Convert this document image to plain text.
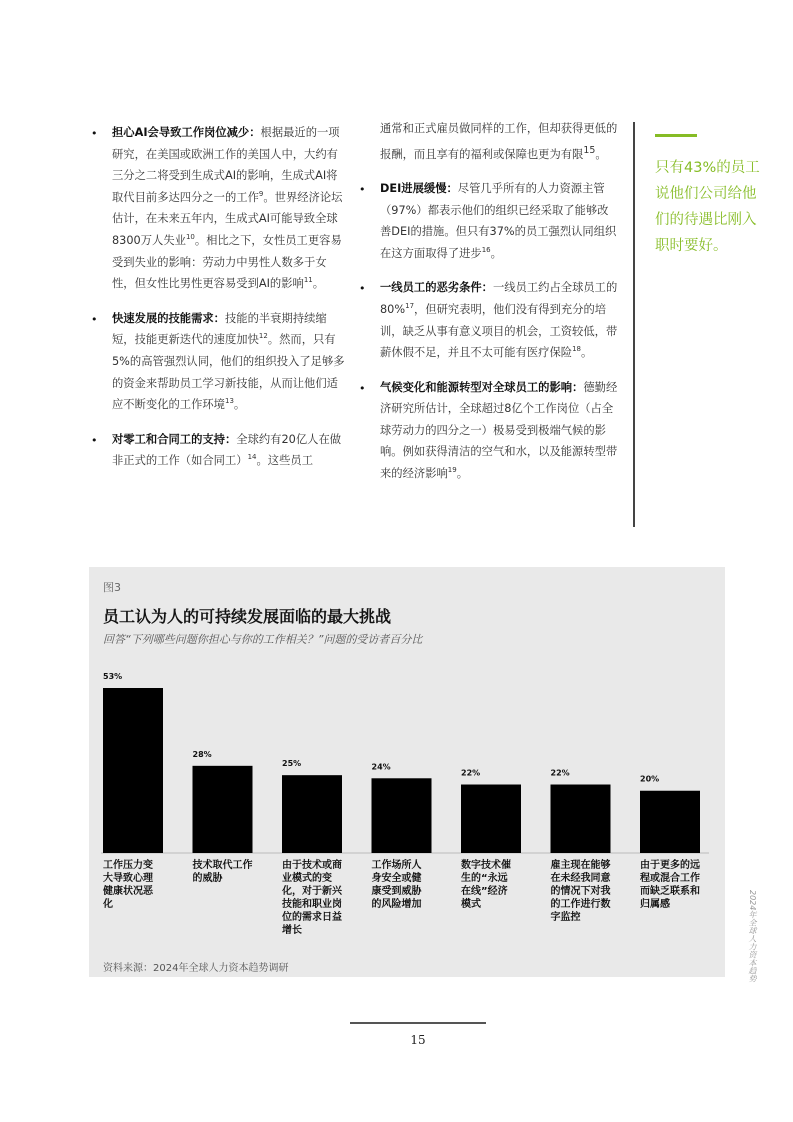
• 担心AI会导致工作岗位减少：根据最近的一项研究，在美国或欧洲工作的美国人中，大约有三分之二将受到生成式AI的影响，生成式AI将取代目前多达四分之一的工作$^9$。世界经济论坛估计，在未来五年内，生成式AI可能导致全球8300万人失业$^{10}$。相比之下，女性员工更容易受到失业的影响：劳动力中男性人数多于女性，但女性比男性更容易受到AI的影响$^{11}$。
• 快速发展的技能需求：技能的半衰期持续缩短，技能更新迭代的速度加快$^{12}$。然而，只有5%的高管强烈认同，他们的组织投入了足够多的资金来帮助员工学习新技能，从而让他们适应不断变化的工作环境$^{13}$。
• 对零工和合同工的支持：全球约有20亿人在做非正式的工作（如合同工）$^{14}$。这些员工
通常和正式雇员做同样的工作，但却获得更低的报酬，而且享有的福利或保障也更为有限$^{15}$。
• DEI进展缓慢：尽管几乎所有的人力资源主管（97%）都表示他们的组织已经采取了能够改善DEI的措施。但只有37%的员工强烈认同组织在这方面取得了进步$^{16}$。
• 一线员工的恶劣条件：一线员工约占全球员工的80%$^{17}$，但研究表明，他们没有得到充分的培训，缺乏从事有意义项目的机会，工资较低，带薪休假不足，并且不太可能有医疗保险$^{18}$。
• 气候变化和能源转型对全球员工的影响：德勤经济研究所估计，全球超过8亿个工作岗位（占全球劳动力的四分之一）极易受到极端气候的影响。例如获得清洁的空气和水，以及能源转型带来的经济影响$^{19}$。
只有43%的员工说他们公司给他们的待遇比刚入职时要好。
图3
员工认为人的可持续发展面临的最大挑战
回答“下列哪些问题你担心与你的工作相关？”问题的受访者百分比
53%
工作压力变大导致心理健康状况恶化
28%
技术取代工作的威胁
25%
由于技术或商业模式的变化，对于新兴技能和职业岗位的需求日益增长
24%
工作场所人身安全或健康受到威胁的风险增加
22%
数字技术催生的“永远在线”经济模式
22%
雇主现在能够在未经我同意的情况下对我的工作进行数字监控
20%
由于更多的远程或混合工作而缺乏联系和归属感
资料来源：2024年全球人力资本趋势调研	2024年全球人力资本趋势
15
